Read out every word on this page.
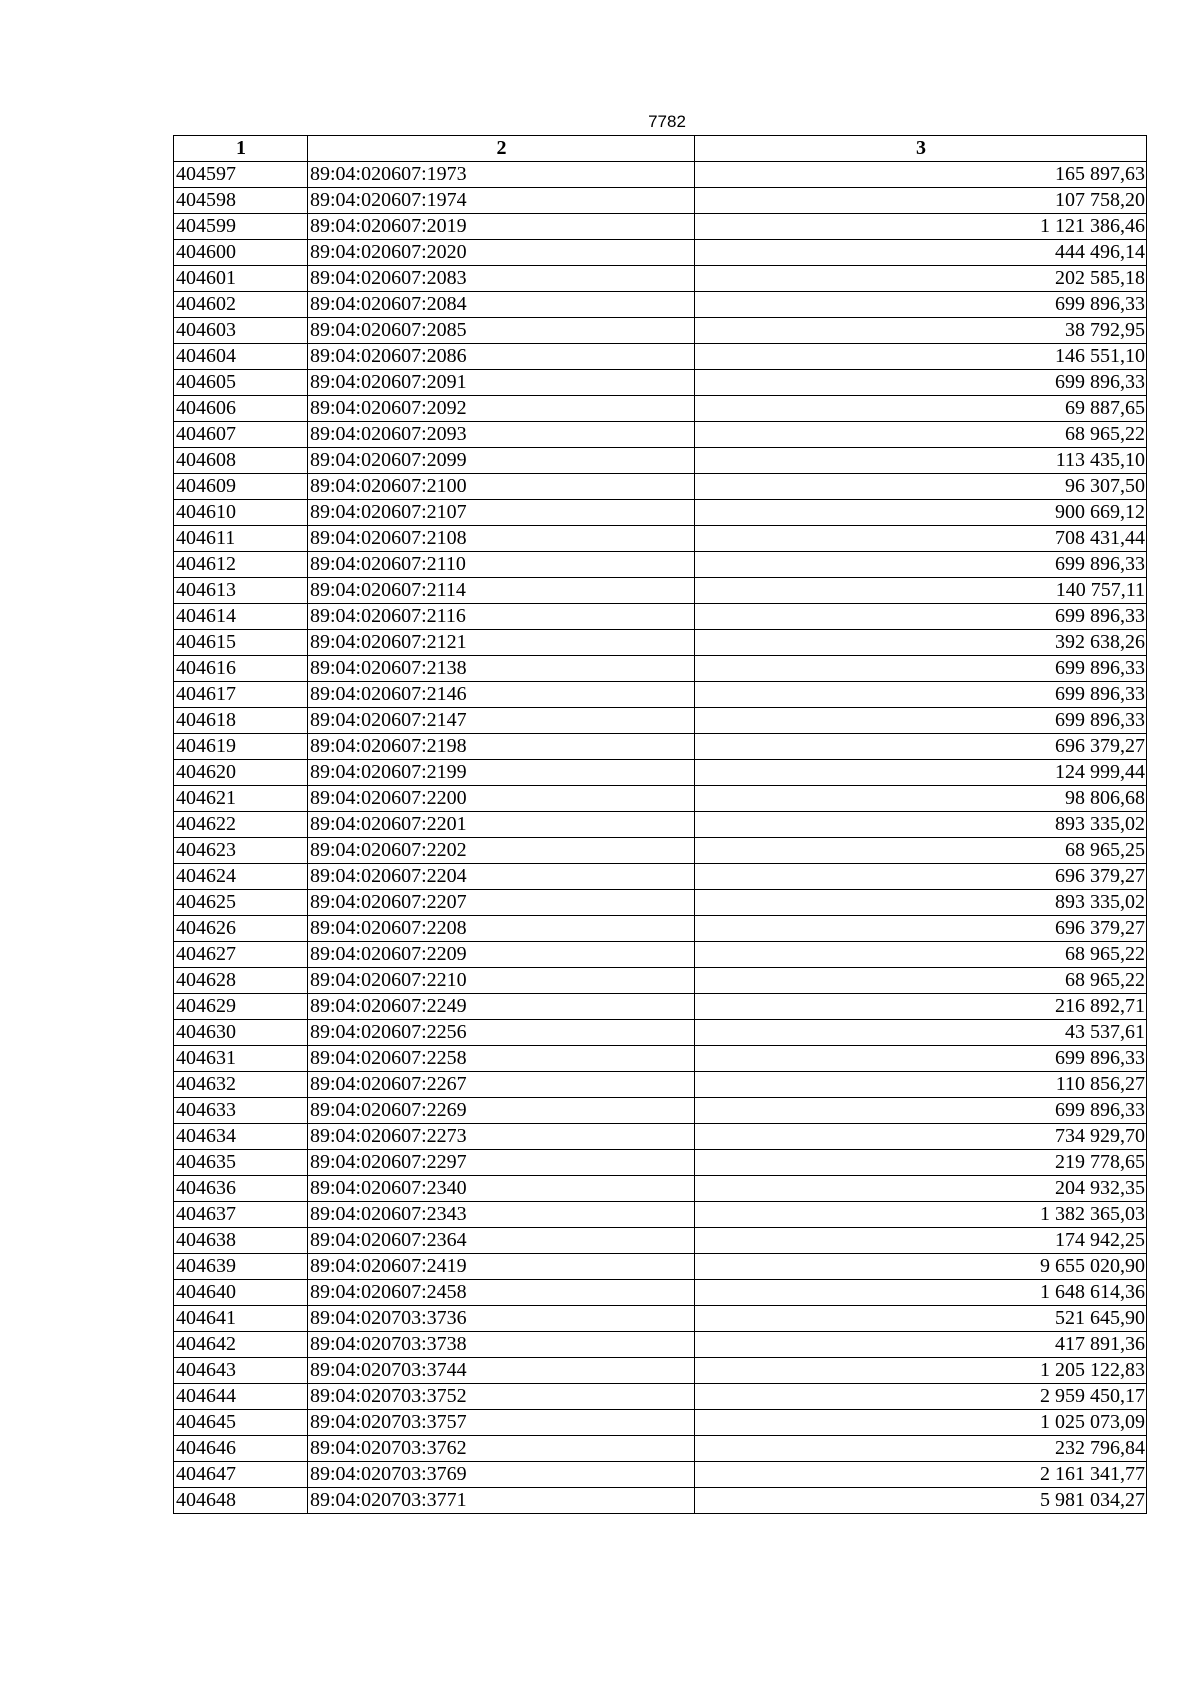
7782
1	2	3
404597	89:04:020607:1973	165 897,63
404598	89:04:020607:1974	107 758,20
404599	89:04:020607:2019	1 121 386,46
404600	89:04:020607:2020	444 496,14
404601	89:04:020607:2083	202 585,18
404602	89:04:020607:2084	699 896,33
404603	89:04:020607:2085	38 792,95
404604	89:04:020607:2086	146 551,10
404605	89:04:020607:2091	699 896,33
404606	89:04:020607:2092	69 887,65
404607	89:04:020607:2093	68 965,22
404608	89:04:020607:2099	113 435,10
404609	89:04:020607:2100	96 307,50
404610	89:04:020607:2107	900 669,12
404611	89:04:020607:2108	708 431,44
404612	89:04:020607:2110	699 896,33
404613	89:04:020607:2114	140 757,11
404614	89:04:020607:2116	699 896,33
404615	89:04:020607:2121	392 638,26
404616	89:04:020607:2138	699 896,33
404617	89:04:020607:2146	699 896,33
404618	89:04:020607:2147	699 896,33
404619	89:04:020607:2198	696 379,27
404620	89:04:020607:2199	124 999,44
404621	89:04:020607:2200	98 806,68
404622	89:04:020607:2201	893 335,02
404623	89:04:020607:2202	68 965,25
404624	89:04:020607:2204	696 379,27
404625	89:04:020607:2207	893 335,02
404626	89:04:020607:2208	696 379,27
404627	89:04:020607:2209	68 965,22
404628	89:04:020607:2210	68 965,22
404629	89:04:020607:2249	216 892,71
404630	89:04:020607:2256	43 537,61
404631	89:04:020607:2258	699 896,33
404632	89:04:020607:2267	110 856,27
404633	89:04:020607:2269	699 896,33
404634	89:04:020607:2273	734 929,70
404635	89:04:020607:2297	219 778,65
404636	89:04:020607:2340	204 932,35
404637	89:04:020607:2343	1 382 365,03
404638	89:04:020607:2364	174 942,25
404639	89:04:020607:2419	9 655 020,90
404640	89:04:020607:2458	1 648 614,36
404641	89:04:020703:3736	521 645,90
404642	89:04:020703:3738	417 891,36
404643	89:04:020703:3744	1 205 122,83
404644	89:04:020703:3752	2 959 450,17
404645	89:04:020703:3757	1 025 073,09
404646	89:04:020703:3762	232 796,84
404647	89:04:020703:3769	2 161 341,77
404648	89:04:020703:3771	5 981 034,27
